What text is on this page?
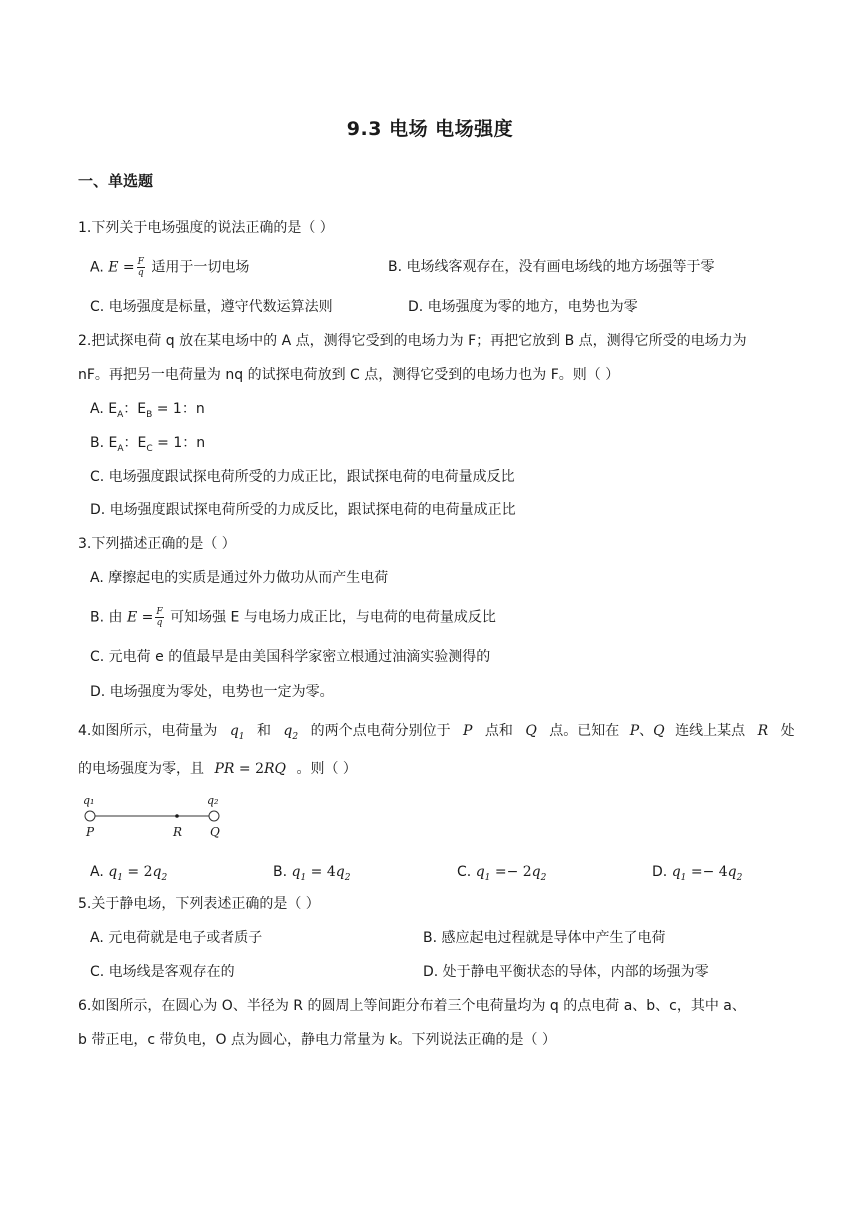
9.3 电场 电场强度
一、单选题
1.下列关于电场强度的说法正确的是（ ）
A. $E = \frac{F}{q}$ 适用于一切电场	B. 电场线客观存在，没有画电场线的地方场强等于零
C. 电场强度是标量，遵守代数运算法则	D. 电场强度为零的地方，电势也为零
2.把试探电荷 q 放在某电场中的 A 点，测得它受到的电场力为 F；再把它放到 B 点，测得它所受的电场力为
nF。再把另一电荷量为 nq 的试探电荷放到 C 点，测得它受到的电场力也为 F。则（ ）
A. $E_A$：$E_B = 1$：n
B. $E_A$：$E_C = 1$：n
C. 电场强度跟试探电荷所受的力成正比，跟试探电荷的电荷量成反比
D. 电场强度跟试探电荷所受的力成反比，跟试探电荷的电荷量成正比
3.下列描述正确的是（ ）
A. 摩擦起电的实质是通过外力做功从而产生电荷
B. 由 $E = \frac{F}{q}$ 可知场强 E 与电场力成正比，与电荷的电荷量成反比
C. 元电荷 e 的值最早是由美国科学家密立根通过油滴实验测得的
D. 电场强度为零处，电势也一定为零。
4.如图所示，电荷量为 $q_1$ 和 $q_2$ 的两个点电荷分别位于 P 点和 Q 点。已知在 P、Q 连线上某点 R 处
的电场强度为零，且 PR = 2RQ 。则（ ）
q₁	q₂
P	R Q
A. $q_1 = 2q_2$	B. $q_1 = 4q_2$	C. $q_1 =- 2q_2$	D. $q_1 =- 4q_2$
5.关于静电场，下列表述正确的是（ ）
A. 元电荷就是电子或者质子	B. 感应起电过程就是导体中产生了电荷
C. 电场线是客观存在的	D. 处于静电平衡状态的导体，内部的场强为零
6.如图所示，在圆心为 O、半径为 R 的圆周上等间距分布着三个电荷量均为 q 的点电荷 a、b、c，其中 a、
b 带正电，c 带负电，O 点为圆心，静电力常量为 k。下列说法正确的是（ ）
